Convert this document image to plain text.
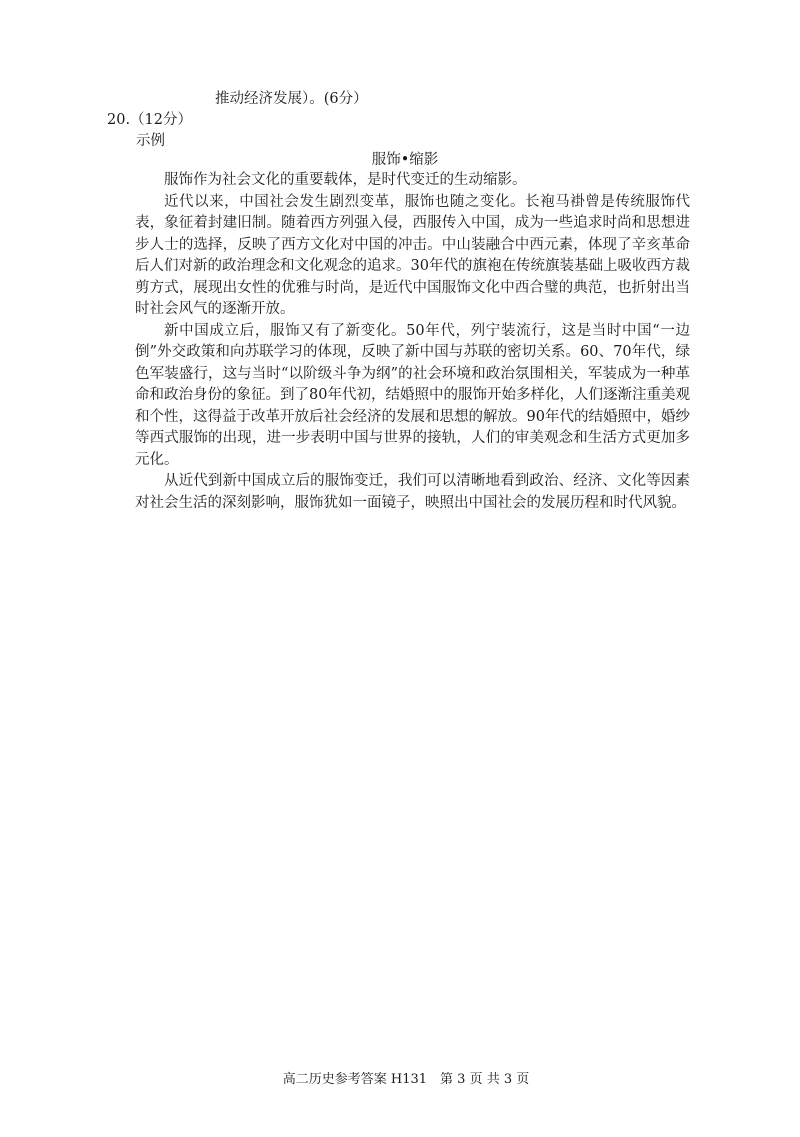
推动经济发展）。(6分）
20.（12分）
示例
服饰•缩影

服饰作为社会文化的重要载体，是时代变迁的生动缩影。

近代以来，中国社会发生剧烈变革，服饰也随之变化。长袍马褂曾是传统服饰代表，象征着封建旧制。随着西方列强入侵，西服传入中国，成为一些追求时尚和思想进步人士的选择，反映了西方文化对中国的冲击。中山装融合中西元素，体现了辛亥革命后人们对新的政治理念和文化观念的追求。30年代的旗袍在传统旗装基础上吸收西方裁剪方式，展现出女性的优雅与时尚，是近代中国服饰文化中西合璧的典范，也折射出当时社会风气的逐渐开放。

新中国成立后，服饰又有了新变化。50年代，列宁装流行，这是当时中国“一边倒”外交政策和向苏联学习的体现，反映了新中国与苏联的密切关系。60、70年代，绿色军装盛行，这与当时“以阶级斗争为纲”的社会环境和政治氛围相关，军装成为一种革命和政治身份的象征。到了80年代初，结婚照中的服饰开始多样化，人们逐渐注重美观和个性，这得益于改革开放后社会经济的发展和思想的解放。90年代的结婚照中，婚纱等西式服饰的出现，进一步表明中国与世界的接轨，人们的审美观念和生活方式更加多元化。

从近代到新中国成立后的服饰变迁，我们可以清晰地看到政治、经济、文化等因素对社会生活的深刻影响，服饰犹如一面镜子，映照出中国社会的发展历程和时代风貌。

高二历史参考答案 H131　第 3 页 共 3 页
